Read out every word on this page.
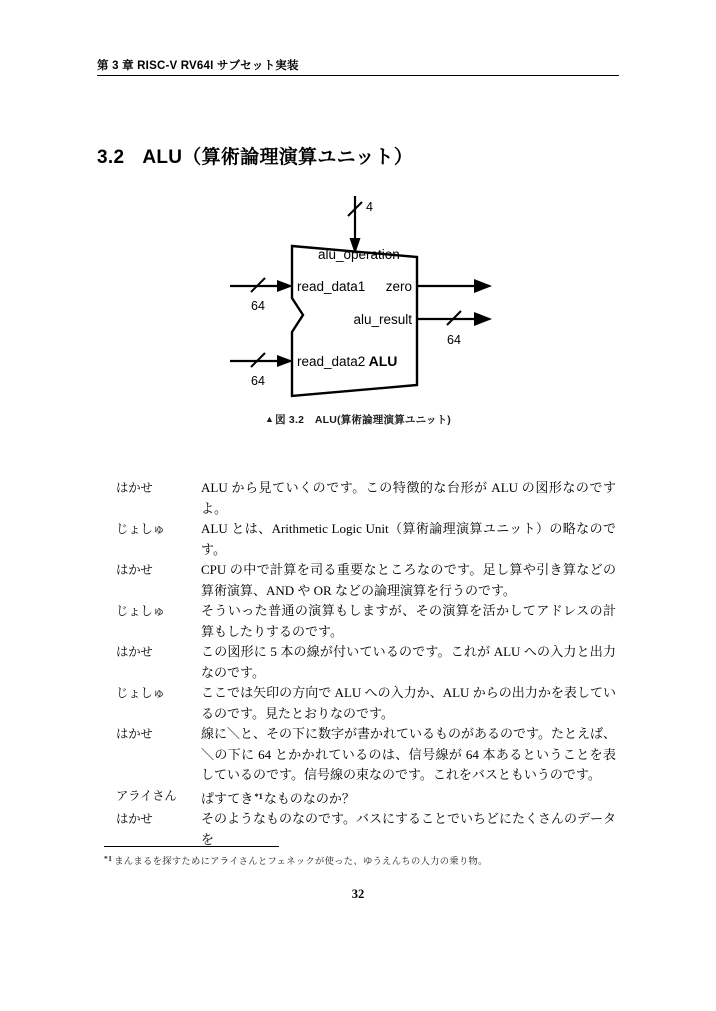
第 3 章 RISC-V RV64I サブセット実装
3.2 ALU（算術論理演算ユニット）
4
64
read_data1
64
read_data2
alu_operation
zero
alu_result
64
ALU
▲図 3.2　ALU(算術論理演算ユニット)
はかせ	ALU から見ていくのです。この特徴的な台形が ALU の図形なのですよ。
じょしゅ	ALU とは、Arithmetic Logic Unit（算術論理演算ユニット）の略なのです。
はかせ	CPU の中で計算を司る重要なところなのです。足し算や引き算などの算術演算、AND や OR などの論理演算を行うのです。
じょしゅ	そういった普通の演算もしますが、その演算を活かしてアドレスの計算もしたりするのです。
はかせ	この図形に 5 本の線が付いているのです。これが ALU への入力と出力なのです。
じょしゅ	ここでは矢印の方向で ALU への入力か、ALU からの出力かを表しているのです。見たとおりなのです。
はかせ	線に＼と、その下に数字が書かれているものがあるのです。たとえば、＼の下に 64 とかかれているのは、信号線が 64 本あるということを表しているのです。信号線の束なのです。これをバスともいうのです。
アライさん	ぱすてき$^{*1}$なものなのか？
はかせ	そのようなものなのです。バスにすることでいちどにたくさんのデータを
$^{*1}$ まんまるを探すためにアライさんとフェネックが使った、ゆうえんちの人力の乗り物。
32
